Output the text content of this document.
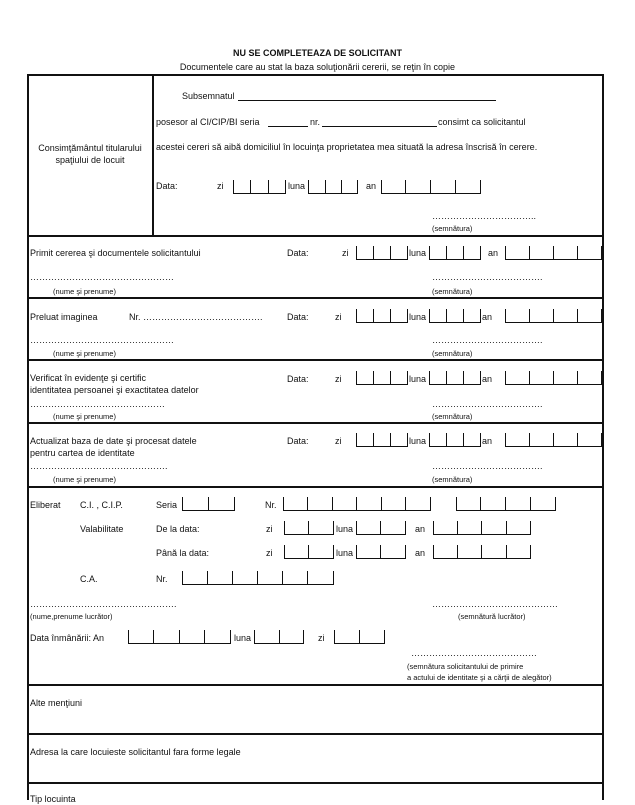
NU SE COMPLETEAZA DE SOLICITANT
Documentele care au stat la baza soluţionării cererii, se reţin în copie
Consimţământul titularului
spaţiului de locuit
Subsemnatul
posesor al CI/CIP/BI seria	nr.	consimt ca solicitantul
acestei cereri să aibă domiciliul în locuinţa proprietatea mea situată la adresa înscrisă în cerere.
Data:	zi	luna	an
……………………………..
(semnătura)
Primit cererea şi documentele solicitantului	Data:	zi	luna	an
…………………………………………	……………………………….
(nume şi prenume)	(semnătura)
Preluat imaginea	Nr. ………………………………….	Data:	zi	luna	an
…………………………………………	……………………………….
(nume şi prenume)	(semnătura)
Verificat în evidenţe şi certific
identitatea persoanei şi exactitatea datelor
Data:	zi	luna	an
………………………………………	……………………………….
(nume şi prenume)	(semnătura)
Actualizat baza de date şi procesat datele
pentru cartea de identitate
Data:	zi	luna	an
……………………………………….	……………………………….
(nume şi prenume)	(semnătura)
Eliberat C.I. , C.I.P.	Seria	Nr.
Valabilitate	De la data:	zi	luna	an
Până la data:	zi	luna	an
C.A.	Nr.
………………………………………….	……………………………………
(nume,prenume lucrător)	(semnătură lucrător)
Data înmânării: An	luna	zi
……………………………………
(semnătura solicitantului de primire
a actului de identitate şi a cărţii de alegător)
Alte menţiuni
Adresa la care locuieste solicitantul fara forme legale
Tip locuinta
